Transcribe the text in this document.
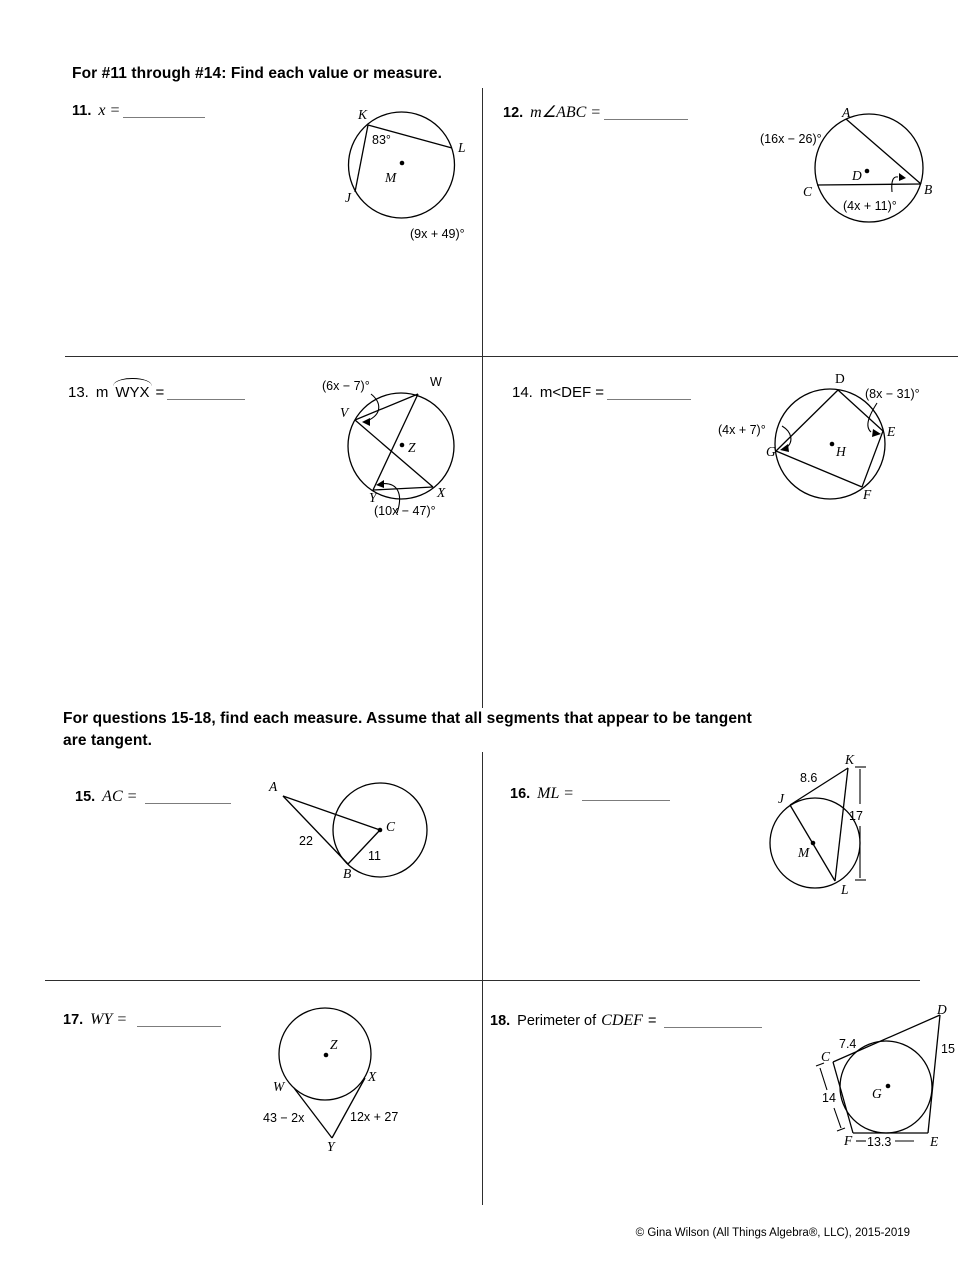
For #11 through #14: Find each value or measure.
11. x =	K
L
J
M
83°
(9x + 49)°
12. m∠ABC =	A
B
C
D
(16x − 26)°
(4x + 11)°
13. m WYX =
W
V
Y	X
Z
(6x − 7)°
(10x − 47)°
14. m<DEF =
D
E
F
G	H
(8x − 31)°
(4x + 7)°
For questions 15-18, find each measure. Assume that all segments that appear to be tangent
are tangent.
15. AC =
A
B
C
22
11
16. ML =
K
J
L
M
8.6
17
17. WY =
Z
W
X
Y
43 − 2x	12x + 27
18. Perimeter of CDEF =
C
D
E
F
G
7.4	15
14
13.3
© Gina Wilson (All Things Algebra®, LLC), 2015-2019
